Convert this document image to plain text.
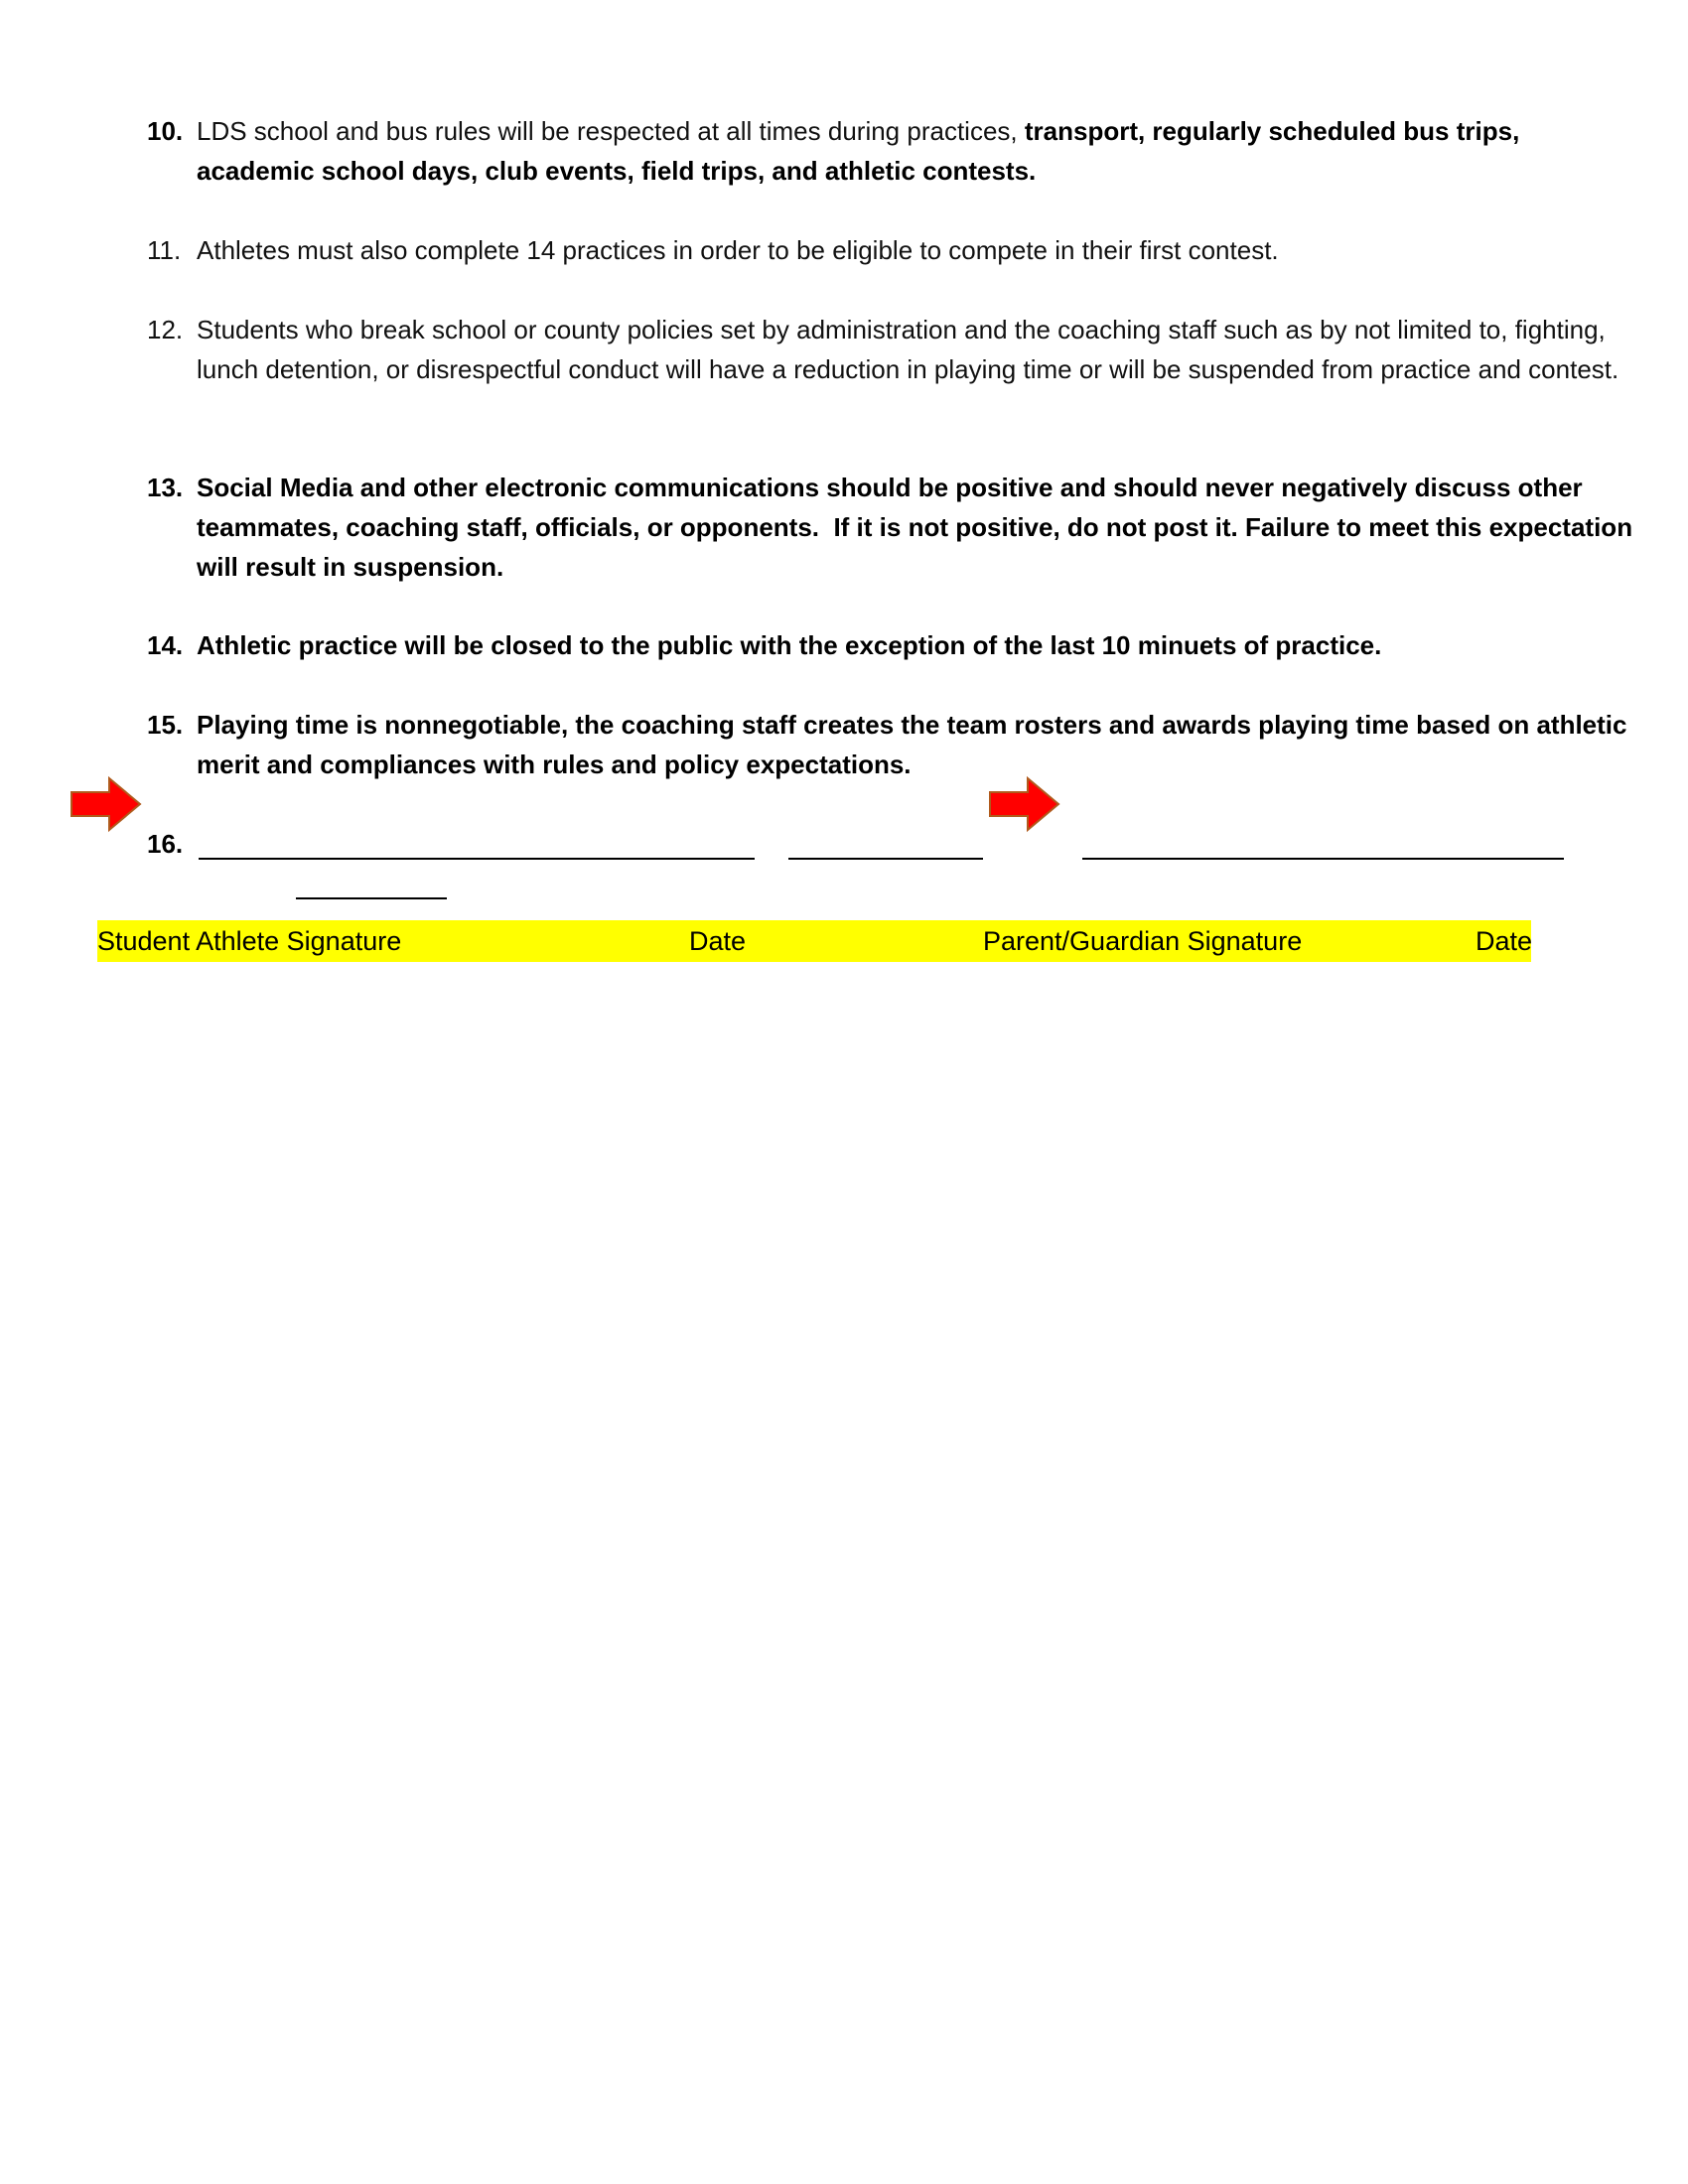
10. LDS school and bus rules will be respected at all times during practices, transport, regularly scheduled bus trips, academic school days, club events, field trips, and athletic contests.
11. Athletes must also complete 14 practices in order to be eligible to compete in their first contest.
12. Students who break school or county policies set by administration and the coaching staff such as by not limited to, fighting, lunch detention, or disrespectful conduct will have a reduction in playing time or will be suspended from practice and contest.
13. Social Media and other electronic communications should be positive and should never negatively discuss other teammates, coaching staff, officials, or opponents.  If it is not positive, do not post it. Failure to meet this expectation will result in suspension.
14. Athletic practice will be closed to the public with the exception of the last 10 minuets of practice.
15. Playing time is nonnegotiable, the coaching staff creates the team rosters and awards playing time based on athletic merit and compliances with rules and policy expectations.
16.
Student Athlete Signature	Date	Parent/Guardian Signature	Date
